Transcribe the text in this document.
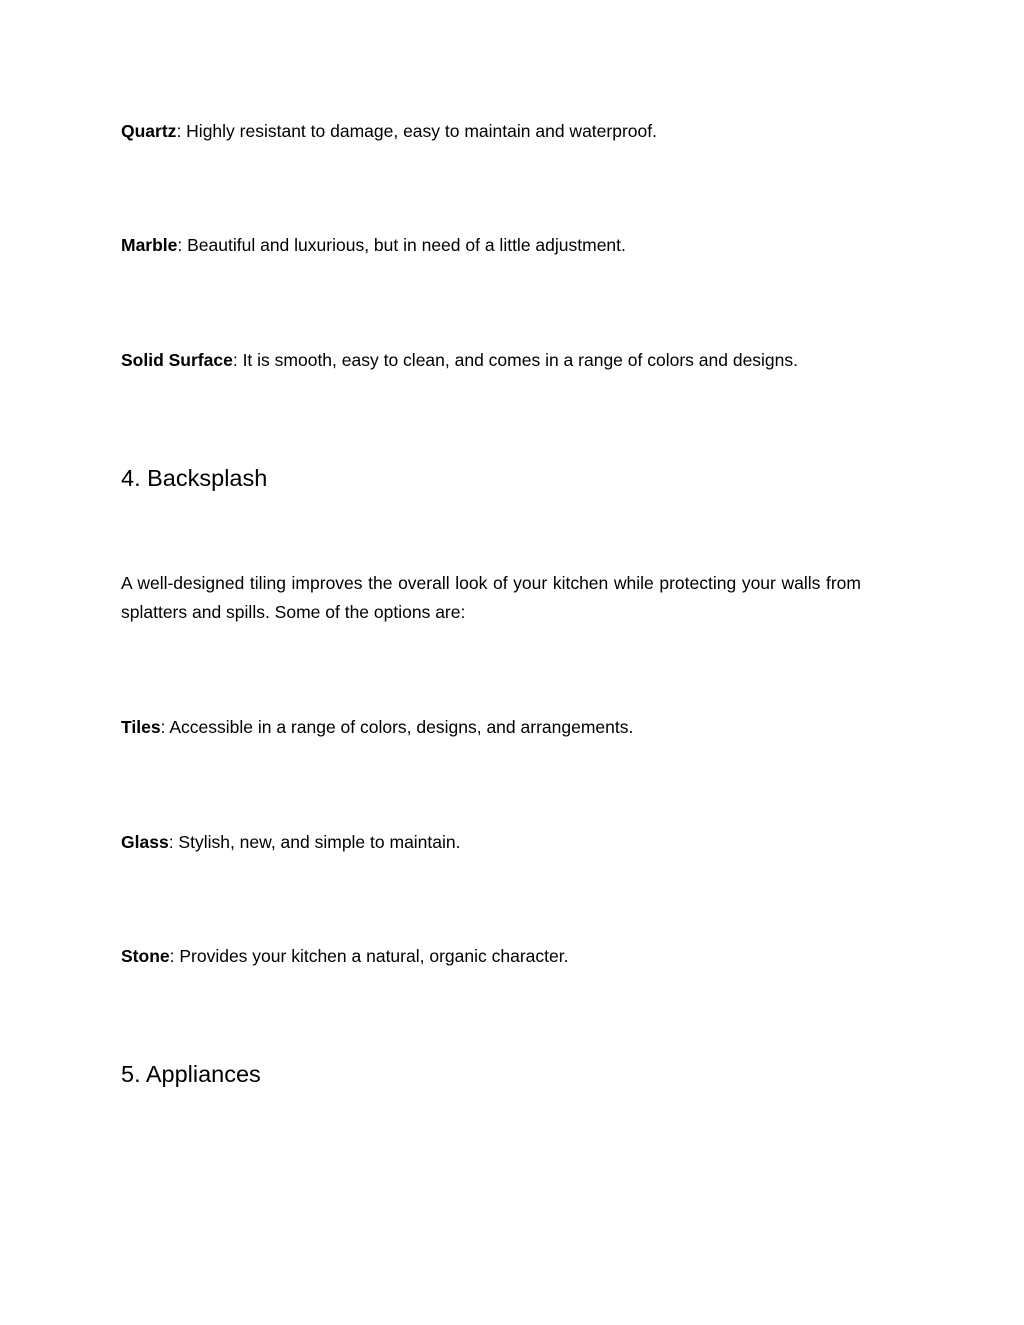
Quartz: Highly resistant to damage, easy to maintain and waterproof.

Marble: Beautiful and luxurious, but in need of a little adjustment.

Solid Surface: It is smooth, easy to clean, and comes in a range of colors and designs.

4. Backsplash

A well-designed tiling improves the overall look of your kitchen while protecting your walls from splatters and spills. Some of the options are:

Tiles: Accessible in a range of colors, designs, and arrangements.

Glass: Stylish, new, and simple to maintain.

Stone: Provides your kitchen a natural, organic character.

5. Appliances
